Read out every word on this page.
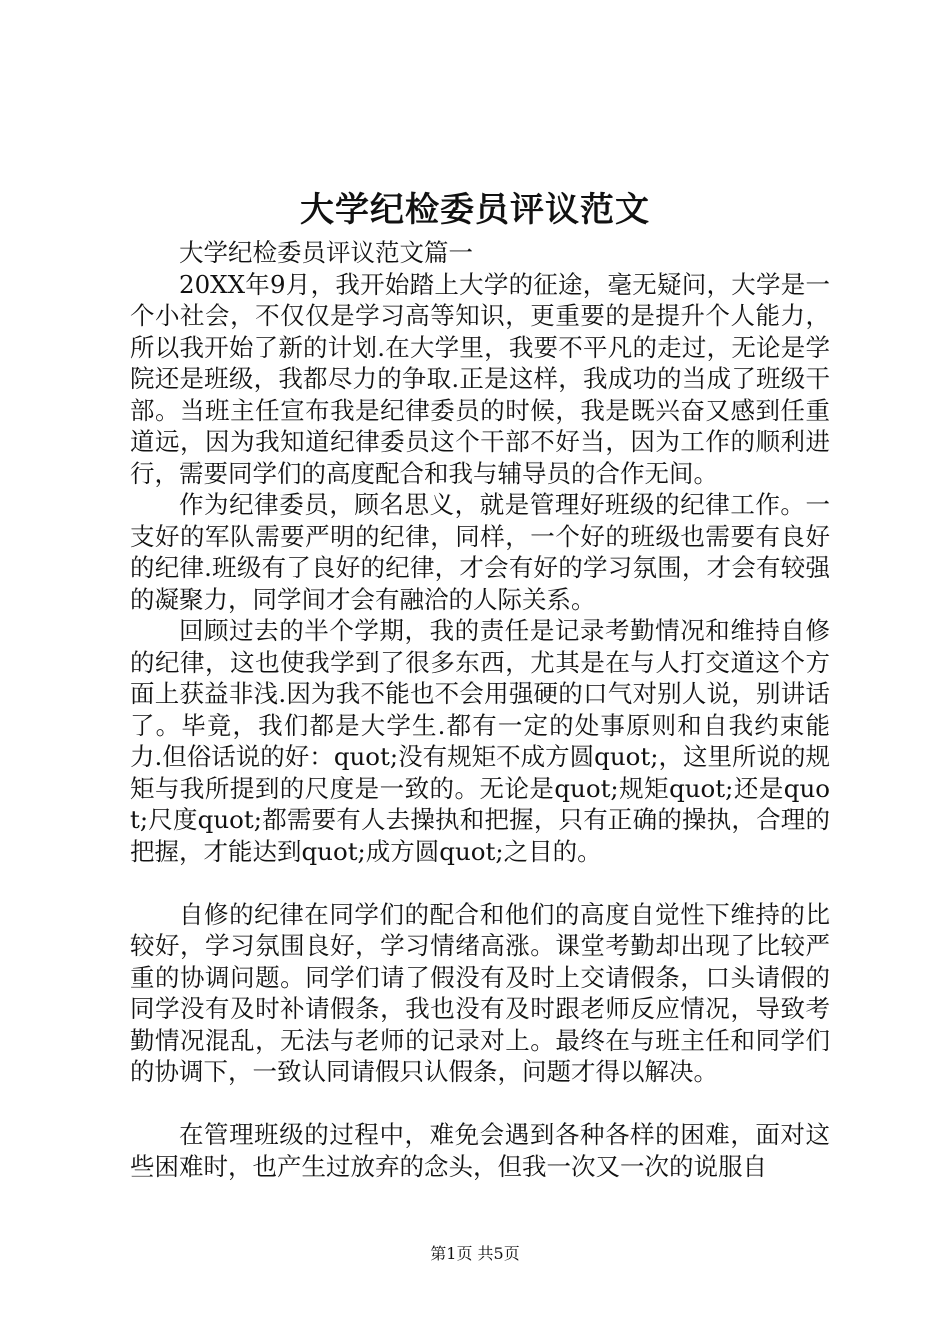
大学纪检委员评议范文

大学纪检委员评议范文篇一

20XX年9月，我开始踏上大学的征途，毫无疑问，大学是一个小社会，不仅仅是学习高等知识，更重要的是提升个人能力，所以我开始了新的计划.在大学里，我要不平凡的走过，无论是学院还是班级，我都尽力的争取.正是这样，我成功的当成了班级干部。当班主任宣布我是纪律委员的时候，我是既兴奋又感到任重道远，因为我知道纪律委员这个干部不好当，因为工作的顺利进行，需要同学们的高度配合和我与辅导员的合作无间。

作为纪律委员，顾名思义，就是管理好班级的纪律工作。一支好的军队需要严明的纪律，同样，一个好的班级也需要有良好的纪律.班级有了良好的纪律，才会有好的学习氛围，才会有较强的凝聚力，同学间才会有融洽的人际关系。

回顾过去的半个学期，我的责任是记录考勤情况和维持自修的纪律，这也使我学到了很多东西，尤其是在与人打交道这个方面上获益非浅.因为我不能也不会用强硬的口气对别人说，别讲话了。毕竟，我们都是大学生.都有一定的处事原则和自我约束能力.但俗话说的好：quot;没有规矩不成方圆quot;，这里所说的规矩与我所提到的尺度是一致的。无论是quot;规矩quot;还是quot;尺度quot;都需要有人去操执和把握，只有正确的操执，合理的把握，才能达到quot;成方圆quot;之目的。

自修的纪律在同学们的配合和他们的高度自觉性下维持的比较好，学习氛围良好，学习情绪高涨。课堂考勤却出现了比较严重的协调问题。同学们请了假没有及时上交请假条，口头请假的同学没有及时补请假条，我也没有及时跟老师反应情况，导致考勤情况混乱，无法与老师的记录对上。最终在与班主任和同学们的协调下，一致认同请假只认假条，问题才得以解决。

在管理班级的过程中，难免会遇到各种各样的困难，面对这些困难时，也产生过放弃的念头，但我一次又一次的说服自

第1页 共5页
